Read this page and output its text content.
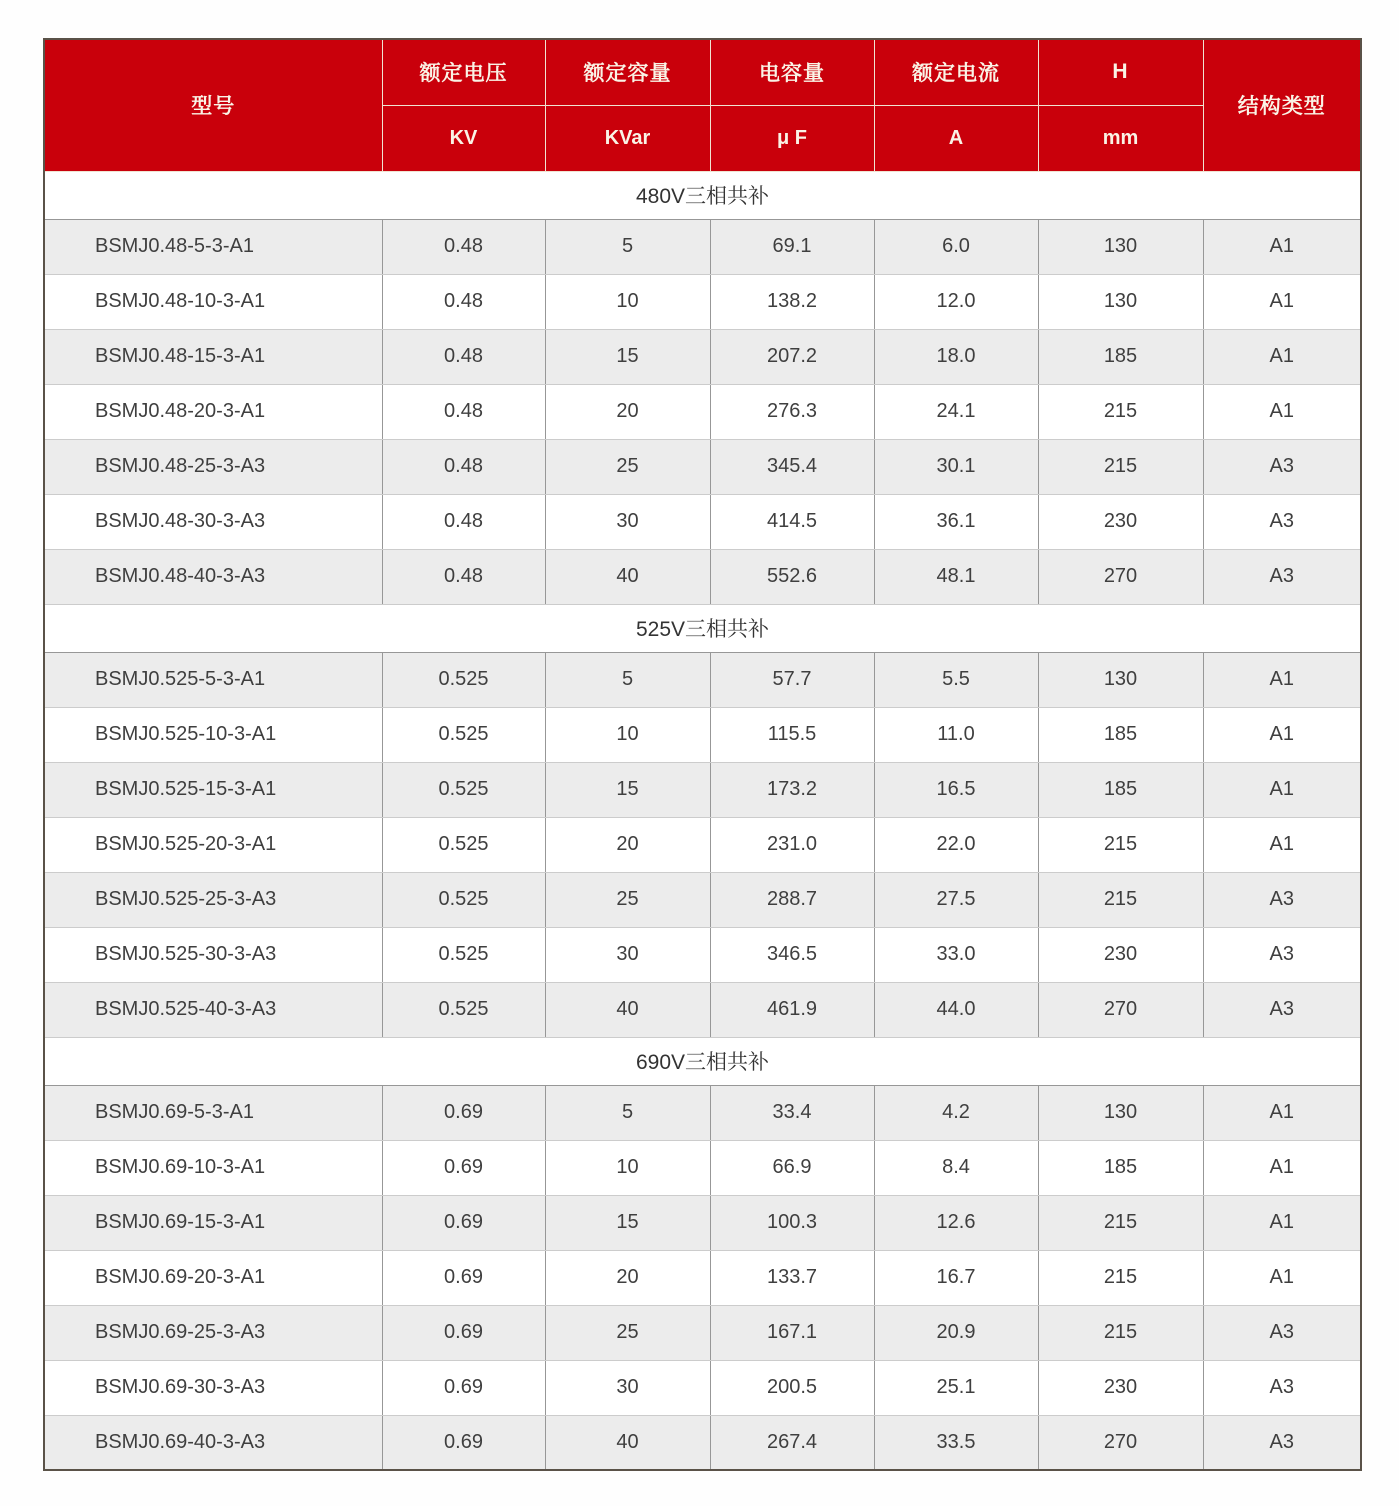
型号	额定电压	额定容量	电容量	额定电流	H	结构类型
	KV	KVar	μ F	A	mm	
480V三相共补						
BSMJ0.48-5-3-A1	0.48	5	69.1	6.0	130	A1
BSMJ0.48-10-3-A1	0.48	10	138.2	12.0	130	A1
BSMJ0.48-15-3-A1	0.48	15	207.2	18.0	185	A1
BSMJ0.48-20-3-A1	0.48	20	276.3	24.1	215	A1
BSMJ0.48-25-3-A3	0.48	25	345.4	30.1	215	A3
BSMJ0.48-30-3-A3	0.48	30	414.5	36.1	230	A3
BSMJ0.48-40-3-A3	0.48	40	552.6	48.1	270	A3
525V三相共补						
BSMJ0.525-5-3-A1	0.525	5	57.7	5.5	130	A1
BSMJ0.525-10-3-A1	0.525	10	115.5	11.0	185	A1
BSMJ0.525-15-3-A1	0.525	15	173.2	16.5	185	A1
BSMJ0.525-20-3-A1	0.525	20	231.0	22.0	215	A1
BSMJ0.525-25-3-A3	0.525	25	288.7	27.5	215	A3
BSMJ0.525-30-3-A3	0.525	30	346.5	33.0	230	A3
BSMJ0.525-40-3-A3	0.525	40	461.9	44.0	270	A3
690V三相共补						
BSMJ0.69-5-3-A1	0.69	5	33.4	4.2	130	A1
BSMJ0.69-10-3-A1	0.69	10	66.9	8.4	185	A1
BSMJ0.69-15-3-A1	0.69	15	100.3	12.6	215	A1
BSMJ0.69-20-3-A1	0.69	20	133.7	16.7	215	A1
BSMJ0.69-25-3-A3	0.69	25	167.1	20.9	215	A3
BSMJ0.69-30-3-A3	0.69	30	200.5	25.1	230	A3
BSMJ0.69-40-3-A3	0.69	40	267.4	33.5	270	A3
